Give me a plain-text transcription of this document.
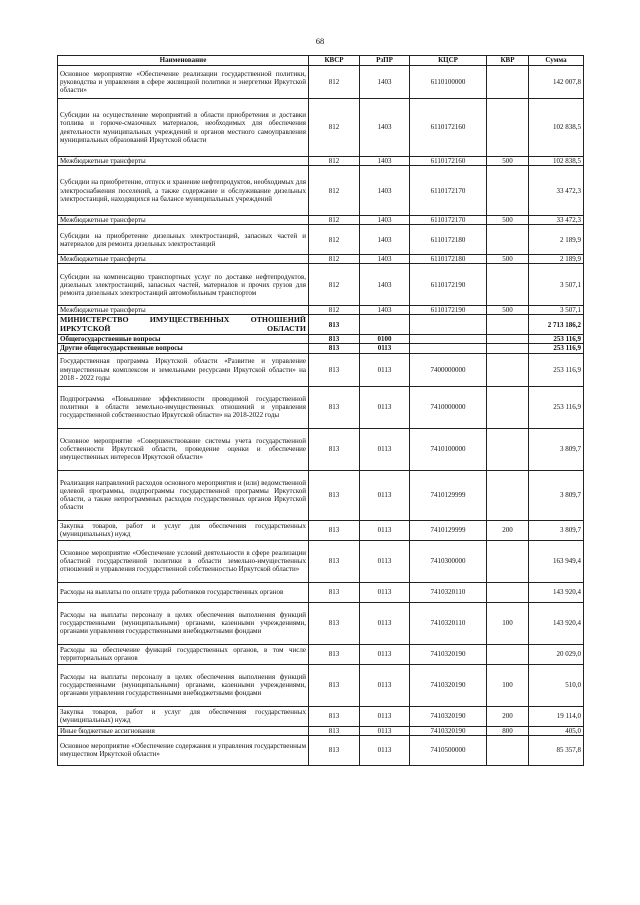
68
Наименование	КВСР	РзПР	КЦСР	КВР	Сумма
Основное мероприятие «Обеспечение реализации государственной политики, руководства и управления в сфере жилищной политики и энергетики Иркутской области»	812	1403	6110100000		142 007,8
Субсидии на осуществление мероприятий в области приобретения и доставки топлива и горюче-смазочных материалов, необходимых для обеспечения деятельности муниципальных учреждений и органов местного самоуправления муниципальных образований Иркутской области	812	1403	6110172160		102 838,5
Межбюджетные трансферты	812	1403	6110172160	500	102 838,5
Субсидии на приобретение, отпуск и хранение нефтепродуктов, необходимых для электроснабжения поселений, а также содержание и обслуживание дизельных электростанций, находящихся на балансе муниципальных учреждений	812	1403	6110172170		33 472,3
Межбюджетные трансферты	812	1403	6110172170	500	33 472,3
Субсидии на приобретение дизельных электростанций, запасных частей и материалов для ремонта дизельных электростанций	812	1403	6110172180		2 189,9
Межбюджетные трансферты	812	1403	6110172180	500	2 189,9
Субсидии на компенсацию транспортных услуг по доставке нефтепродуктов, дизельных электростанций, запасных частей, материалов и прочих грузов для ремонта дизельных электростанций автомобильным транспортом	812	1403	6110172190		3 507,1
Межбюджетные трансферты	812	1403	6110172190	500	3 507,1
МИНИСТЕРСТВО ИМУЩЕСТВЕННЫХ ОТНОШЕНИЙ ИРКУТСКОЙ ОБЛАСТИ	813				2 713 186,2
Общегосударственные вопросы	813	0100			253 116,9
Другие общегосударственные вопросы	813	0113			253 116,9
Государственная программа Иркутской области «Развитие и управление имущественным комплексом и земельными ресурсами Иркутской области» на 2018 - 2022 годы	813	0113	7400000000		253 116,9
Подпрограмма «Повышение эффективности проводимой государственной политики в области земельно-имущественных отношений и управления государственной собственностью Иркутской области» на 2018-2022 годы	813	0113	7410000000		253 116,9
Основное мероприятие «Совершенствование системы учета государственной собственности Иркутской области, проведение оценки и обеспечение имущественных интересов Иркутской области»	813	0113	7410100000		3 809,7
Реализация направлений расходов основного мероприятия и (или) ведомственной целевой программы, подпрограммы государственной программы Иркутской области, а также непрограммных расходов государственных органов Иркутской области	813	0113	7410129999		3 809,7
Закупка товаров, работ и услуг для обеспечения государственных (муниципальных) нужд	813	0113	7410129999	200	3 809,7
Основное мероприятие «Обеспечение условий деятельности в сфере реализации областной государственной политики в области земельно-имущественных отношений и управления государственной собственностью Иркутской области»	813	0113	7410300000		163 949,4
Расходы на выплаты по оплате труда работников государственных органов	813	0113	7410320110		143 920,4
Расходы на выплаты персоналу в целях обеспечения выполнения функций государственными (муниципальными) органами, казенными учреждениями, органами управления государственными внебюджетными фондами	813	0113	7410320110	100	143 920,4
Расходы на обеспечение функций государственных органов, в том числе территориальных органов	813	0113	7410320190		20 029,0
Расходы на выплаты персоналу в целях обеспечения выполнения функций государственными (муниципальными) органами, казенными учреждениями, органами управления государственными внебюджетными фондами	813	0113	7410320190	100	510,0
Закупка товаров, работ и услуг для обеспечения государственных (муниципальных) нужд	813	0113	7410320190	200	19 114,0
Иные бюджетные ассигнования	813	0113	7410320190	800	405,0
Основное мероприятие «Обеспечение содержания и управления государственным имуществом Иркутской области»	813	0113	7410500000		85 357,8
